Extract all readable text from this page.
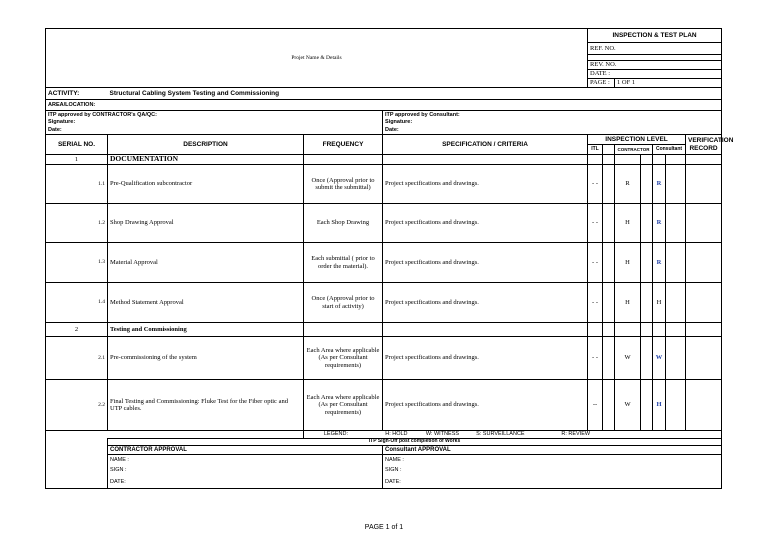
Projet Name & Details				INSPECTION & TEST PLAN						
				REF. NO.						

				REV. NO.						
				DATE :						
				PAGE :		1 OF 1				
ACTIVITY:	Structural Cabling System Testing and Commissioning									
AREA/LOCATION:										
ITP approved by CONTRACTOR's QA/QC:			ITP approved by Consultant:							
Signature:			Signature:							
Date:			Date:							
SERIAL NO.	DESCRIPTION	FREQUENCY	SPECIFICATION / CRITERIA	INSPECTION LEVEL						VERIFICATION RECORD
				ITL		CONTRACTOR		Consultant		
1	DOCUMENTATION									
1.1	Pre-Qualification subcontractor	Once (Approval prior to submit the submittal)	Project specifications and drawings.	- -		R		R		
1.2	Shop Drawing Approval	Each Shop Drawing	Project specifications and drawings.	- -		H		R		
1.3	Material Approval	Each submittal ( prior to order the material).	Project specifications and drawings.	- -		H		R		
1.4	Method Statement Approval	Once (Approval prior to start of activity)	Project specifications and drawings.	- -		H		H		
2	Testing and Commissioning									
2.1	Pre-commissioning of the system	Each Area where applicable (As per Consultant requirements)	Project specifications and drawings.	- -		W		W		
2.2	Final Testing and Commissioning: Fluke Test for the Fiber optic and UTP cables.	Each Area where applicable (As per Consultant requirements)	Project specifications and drawings.	--		W		H		
		LEGEND: H: HOLD W: WITNESS S: SURVEILLANCE R: REVIEW								
	ITP Sign-Off post completion of Works									
	CONTRACTOR APPROVAL		Consultant APPROVAL							
	NAME :		NAME :							
	SIGN :		SIGN :							
	DATE:		DATE:							
PAGE 1 of 1
